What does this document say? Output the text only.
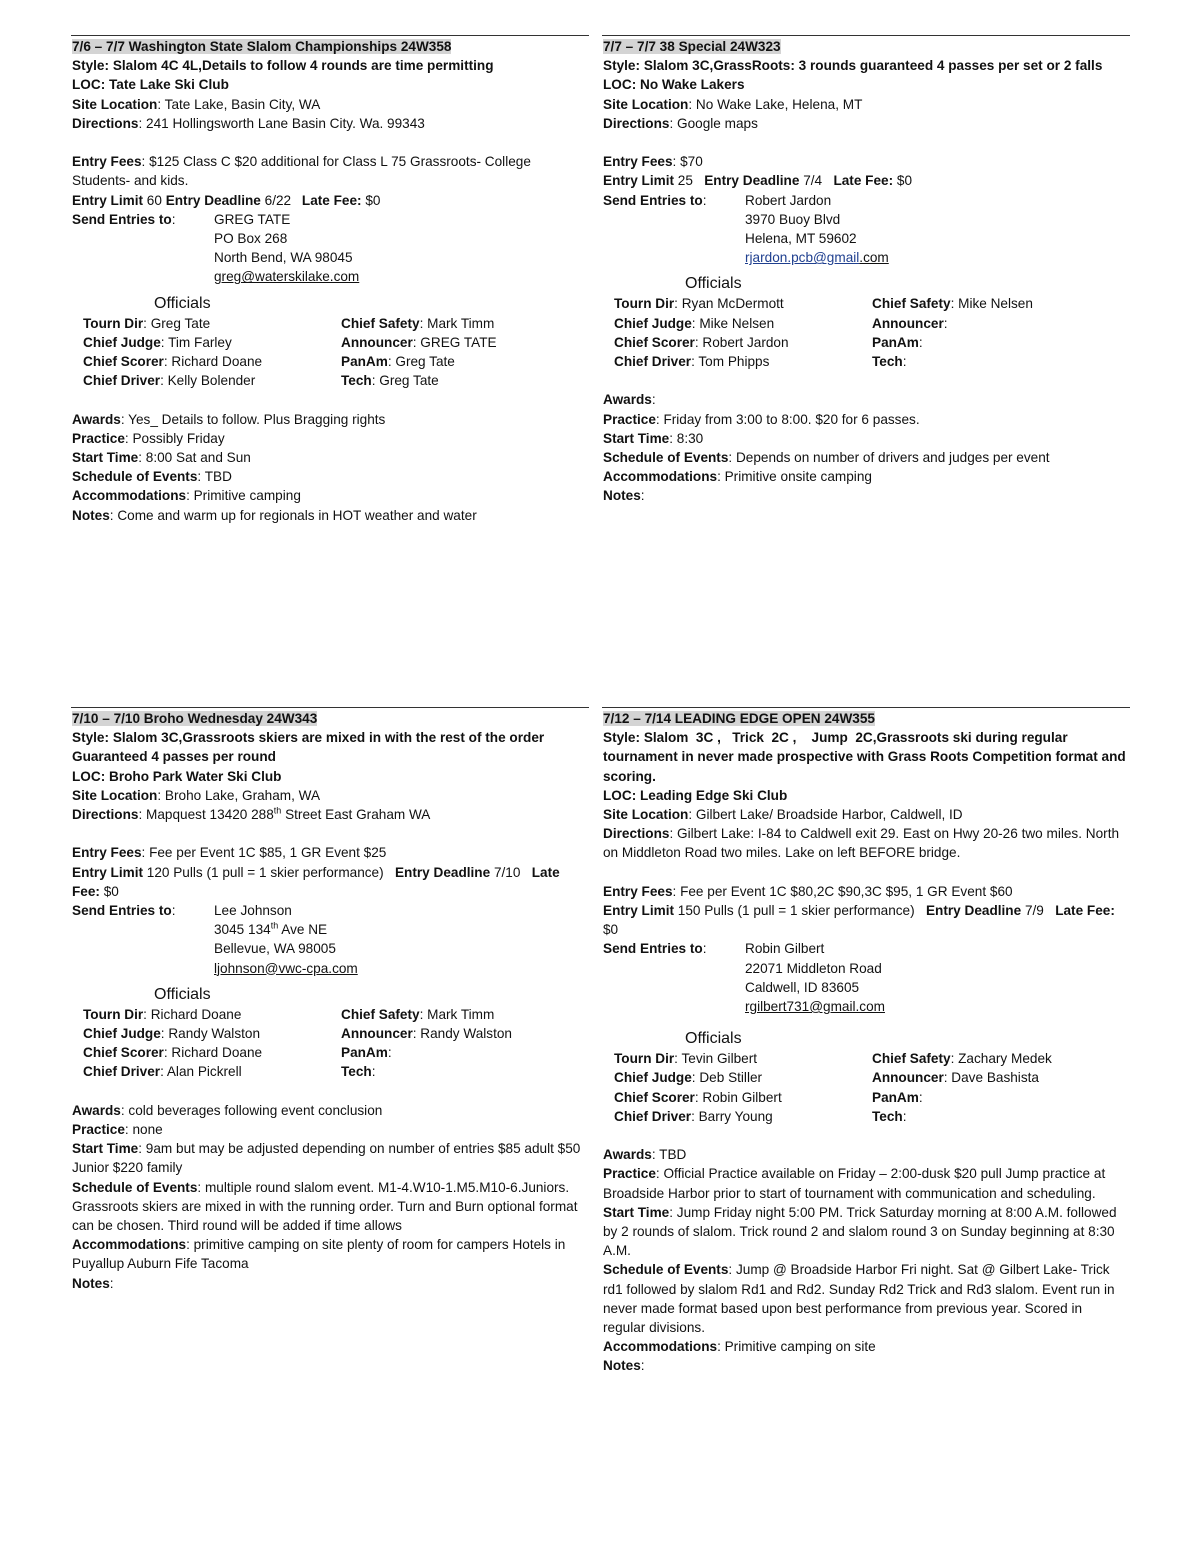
7/6 – 7/7 Washington State Slalom Championships 24W358
Style: Slalom 4C 4L,Details to follow 4 rounds are time permitting
LOC: Tate Lake Ski Club
Site Location: Tate Lake, Basin City, WA
Directions: 241 Hollingsworth Lane Basin City. Wa. 99343
Entry Fees: $125 Class C $20 additional for Class L 75 Grassroots- College Students- and kids.
Entry Limit 60 Entry Deadline 6/22 Late Fee: $0
Send Entries to:	GREG TATE
PO Box 268
North Bend, WA 98045
greg@waterskilake.com
Officials
Tourn Dir: Greg Tate	Chief Safety: Mark Timm
Chief Judge: Tim Farley	Announcer: GREG TATE
Chief Scorer: Richard Doane	PanAm: Greg Tate
Chief Driver: Kelly Bolender	Tech: Greg Tate
Awards: Yes_ Details to follow. Plus Bragging rights
Practice: Possibly Friday
Start Time: 8:00 Sat and Sun
Schedule of Events: TBD
Accommodations: Primitive camping
Notes: Come and warm up for regionals in HOT weather and water
7/7 – 7/7 38 Special 24W323
Style: Slalom 3C,GrassRoots: 3 rounds guaranteed 4 passes per set or 2 falls
LOC: No Wake Lakers
Site Location: No Wake Lake, Helena, MT
Directions: Google maps
Entry Fees: $70
Entry Limit 25   Entry Deadline 7/4   Late Fee: $0
Send Entries to:	Robert Jardon
3970 Buoy Blvd
Helena, MT 59602
rjardon.pcb@gmail.com
Officials
Tourn Dir: Ryan McDermott	Chief Safety: Mike Nelsen
Chief Judge: Mike Nelsen	Announcer:
Chief Scorer: Robert Jardon	PanAm:
Chief Driver: Tom Phipps	Tech:
Awards:
Practice: Friday from 3:00 to 8:00. $20 for 6 passes.
Start Time: 8:30
Schedule of Events: Depends on number of drivers and judges per event
Accommodations: Primitive onsite camping
Notes:
7/10 – 7/10 Broho Wednesday 24W343
Style: Slalom 3C,Grassroots skiers are mixed in with the rest of the order Guaranteed 4 passes per round
LOC: Broho Park Water Ski Club
Site Location: Broho Lake, Graham, WA
Directions: Mapquest 13420 288th Street East Graham WA
Entry Fees: Fee per Event 1C $85, 1 GR Event $25
Entry Limit 120 Pulls (1 pull = 1 skier performance)   Entry Deadline 7/10   Late Fee: $0
Send Entries to:	Lee Johnson
3045 134th Ave NE
Bellevue, WA 98005
ljohnson@vwc-cpa.com
Officials
Tourn Dir: Richard Doane	Chief Safety: Mark Timm
Chief Judge: Randy Walston	Announcer: Randy Walston
Chief Scorer: Richard Doane	PanAm:
Chief Driver: Alan Pickrell	Tech:
Awards: cold beverages following event conclusion
Practice: none
Start Time: 9am but may be adjusted depending on number of entries $85 adult $50 Junior $220 family
Schedule of Events: multiple round slalom event. M1-4.W10-1.M5.M10-6.Juniors. Grassroots skiers are mixed in with the running order. Turn and Burn optional format can be chosen. Third round will be added if time allows
Accommodations: primitive camping on site plenty of room for campers Hotels in Puyallup Auburn Fife Tacoma
Notes:
7/12 – 7/14 LEADING EDGE OPEN 24W355
Style: Slalom  3C ,   Trick  2C ,    Jump  2C,Grassroots ski during regular tournament in never made prospective with Grass Roots Competition format and scoring.
LOC: Leading Edge Ski Club
Site Location: Gilbert Lake/ Broadside Harbor, Caldwell, ID
Directions: Gilbert Lake: I-84 to Caldwell exit 29. East on Hwy 20-26 two miles. North on Middleton Road two miles. Lake on left BEFORE bridge.
Entry Fees: Fee per Event 1C $80,2C $90,3C $95, 1 GR Event $60
Entry Limit 150 Pulls (1 pull = 1 skier performance)   Entry Deadline 7/9   Late Fee: $0
Send Entries to:	Robin Gilbert
22071 Middleton Road
Caldwell, ID 83605
rgilbert731@gmail.com
Officials
Tourn Dir: Tevin Gilbert	Chief Safety: Zachary Medek
Chief Judge: Deb Stiller	Announcer: Dave Bashista
Chief Scorer: Robin Gilbert	PanAm:
Chief Driver: Barry Young	Tech:
Awards: TBD
Practice: Official Practice available on Friday – 2:00-dusk $20 pull Jump practice at Broadside Harbor prior to start of tournament with communication and scheduling.
Start Time: Jump Friday night 5:00 PM. Trick Saturday morning at 8:00 A.M. followed by 2 rounds of slalom. Trick round 2 and slalom round 3 on Sunday beginning at 8:30 A.M.
Schedule of Events: Jump @ Broadside Harbor Fri night. Sat @ Gilbert Lake- Trick rd1 followed by slalom Rd1 and Rd2. Sunday Rd2 Trick and Rd3 slalom. Event run in never made format based upon best performance from previous year. Scored in regular divisions.
Accommodations: Primitive camping on site
Notes:
